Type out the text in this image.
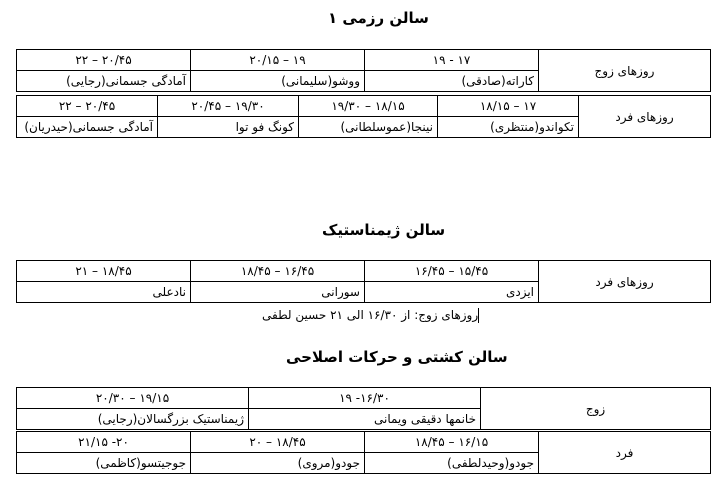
سالن رزمی ۱
روزهای زوج	۱۷ - ۱۹	۱۹ – ۲۰/۱۵	۲۰/۴۵ – ۲۲
	کاراته(صادقی)	ووشو(سلیمانی)	آمادگی جسمانی(رجایی)
روزهای فرد	۱۷ – ۱۸/۱۵	۱۸/۱۵ – ۱۹/۳۰	۱۹/۳۰ – ۲۰/۴۵	۲۰/۴۵ – ۲۲
	تکواندو(منتظری)	نینجا(عموسلطانی)	کونگ فو توا	آمادگی جسمانی(حیدریان)
سالن ژیمناستیک
روزهای فرد	۱۵/۴۵ – ۱۶/۴۵	۱۶/۴۵ – ۱۸/۴۵	۱۸/۴۵ – ۲۱
	ایزدی	سورانی	نادعلی
روزهای زوج: از ۱۶/۳۰ الی ۲۱ حسین لطفی
سالن کشتی و حرکات اصلاحی
زوج	۱۶/۳۰- ۱۹	۱۹/۱۵ – ۲۰/۳۰
	خانمها دقیقی ویمانی	ژیمناستیک بزرگسالان(رجایی)
فرد	۱۶/۱۵ – ۱۸/۴۵	۱۸/۴۵ – ۲۰	۲۰- ۲۱/۱۵
	جودو(وحیدلطفی)	جودو(مروی)	جوجیتسو(کاظمی)
